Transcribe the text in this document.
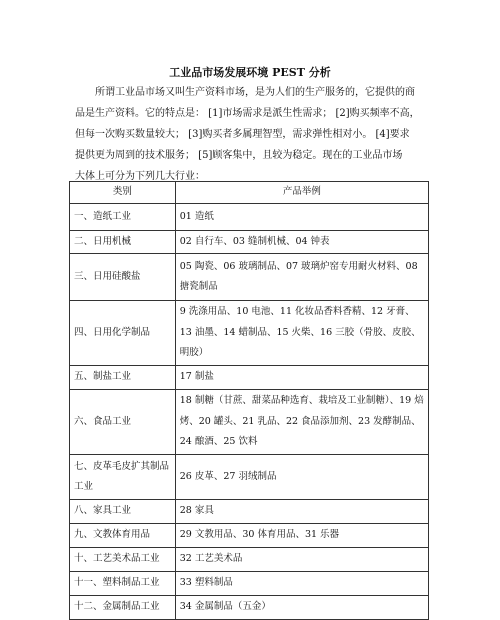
工业品市场发展环境 PEST 分析
所谓工业品市场又叫生产资料市场，是为人们的生产服务的，它提供的商
品是生产资料。它的特点是： [1]市场需求是派生性需求； [2]购买频率不高，
但每一次购买数量较大； [3]购买者多属理智型，需求弹性相对小。 [4]要求
提供更为周到的技术服务； [5]顾客集中，且较为稳定。现在的工业品市场
大体上可分为下列几大行业：
类别	产品举例
一、造纸工业	01 造纸
二、日用机械	02 自行车、03 缝制机械、04 钟表
三、日用硅酸盐	05 陶瓷、06 玻璃制品、07 玻璃炉窑专用耐火材料、08 搪瓷制品
四、日用化学制品	9 洗涤用品、10 电池、11 化妆品香料香精、12 牙膏、13 油墨、14 蜡制品、15 火柴、16 三胶（骨胶、皮胶、明胶）
五、制盐工业	17 制盐
六、食品工业	18 制糖（甘蔗、甜菜品种选育、栽培及工业制糖）、19 焙烤、20 罐头、21 乳品、22 食品添加剂、23 发酵制品、24 酿酒、25 饮料
七、皮革毛皮扩其制品工业	26 皮革、27 羽绒制品
八、家具工业	28 家具
九、文教体育用品	29 文教用品、30 体育用品、31 乐器
十、工艺美术品工业	32 工艺美术品
十一、塑料制品工业	33 塑料制品
十二、金属制品工业	34 金属制品（五金）
